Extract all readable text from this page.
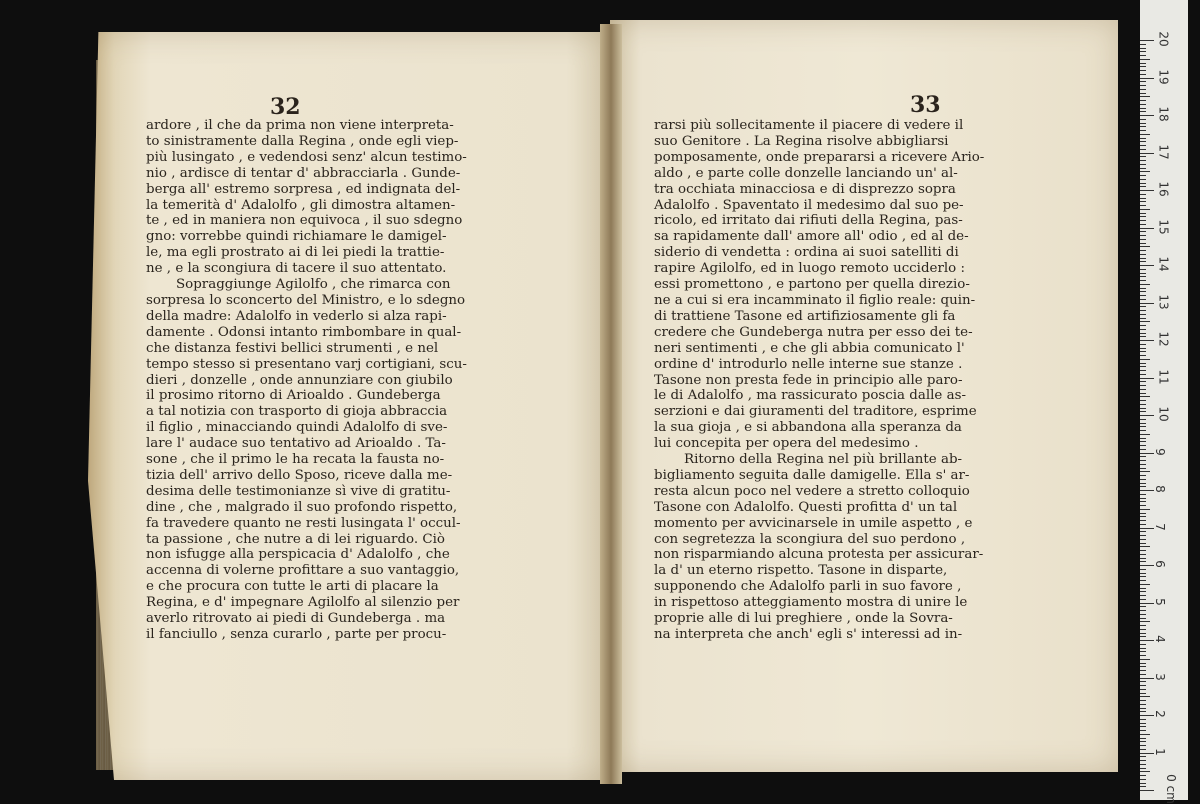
32	33
ardore , il che da prima non viene interpreta-
to sinistramente dalla Regina , onde egli viep-
più lusingato , e vedendosi senz' alcun testimo-
nio , ardisce di tentar d' abbracciarla . Gunde-
berga all' estremo sorpresa , ed indignata del-
la temerità d' Adalolfo , gli dimostra altamen-
te , ed in maniera non equivoca , il suo sdegno
gno: vorrebbe quindi richiamare le damigel-
le, ma egli prostrato ai di lei piedi la trattie-
ne , e la scongiura di tacere il suo attentato.
Sopraggiunge Agilolfo , che rimarca con
sorpresa lo sconcerto del Ministro, e lo sdegno
della madre: Adalolfo in vederlo si alza rapi-
damente . Odonsi intanto rimbombare in qual-
che distanza festivi bellici strumenti , e nel
tempo stesso si presentano varj cortigiani, scu-
dieri , donzelle , onde annunziare con giubilo
il prosimo ritorno di Arioaldo . Gundeberga
a tal notizia con trasporto di gioja abbraccia
il figlio , minacciando quindi Adalolfo di sve-
lare l' audace suo tentativo ad Arioaldo . Ta-
sone , che il primo le ha recata la fausta no-
tizia dell' arrivo dello Sposo, riceve dalla me-
desima delle testimonianze sì vive di gratitu-
dine , che , malgrado il suo profondo rispetto,
fa travedere quanto ne resti lusingata l' occul-
ta passione , che nutre a di lei riguardo. Ciò
non isfugge alla perspicacia d' Adalolfo , che
accenna di volerne profittare a suo vantaggio,
e che procura con tutte le arti di placare la
Regina, e d' impegnare Agilolfo al silenzio per
averlo ritrovato ai piedi di Gundeberga . ma
il fanciullo , senza curarlo , parte per procu-
rarsi più sollecitamente il piacere di vedere il
suo Genitore . La Regina risolve abbigliarsi
pomposamente, onde prepararsi a ricevere Ario-
aldo , e parte colle donzelle lanciando un' al-
tra occhiata minacciosa e di disprezzo sopra
Adalolfo . Spaventato il medesimo dal suo pe-
ricolo, ed irritato dai rifiuti della Regina, pas-
sa rapidamente dall' amore all' odio , ed al de-
siderio di vendetta : ordina ai suoi satelliti di
rapire Agilolfo, ed in luogo remoto ucciderlo :
essi promettono , e partono per quella direzio-
ne a cui si era incamminato il figlio reale: quin-
di trattiene Tasone ed artifiziosamente gli fa
credere che Gundeberga nutra per esso dei te-
neri sentimenti , e che gli abbia comunicato l'
ordine d' introdurlo nelle interne sue stanze .
Tasone non presta fede in principio alle paro-
le di Adalolfo , ma rassicurato poscia dalle as-
serzioni e dai giuramenti del traditore, esprime
la sua gioja , e si abbandona alla speranza da
lui concepita per opera del medesimo .
Ritorno della Regina nel più brillante ab-
bigliamento seguita dalle damigelle. Ella s' ar-
resta alcun poco nel vedere a stretto colloquio
Tasone con Adalolfo. Questi profitta d' un tal
momento per avvicinarsele in umile aspetto , e
con segretezza la scongiura del suo perdono ,
non risparmiando alcuna protesta per assicurar-
la d' un eterno rispetto. Tasone in disparte,
supponendo che Adalolfo parli in suo favore ,
in rispettoso atteggiamento mostra di unire le
proprie alle di lui preghiere , onde la Sovra-
na interpreta che anch' egli s' interessi ad in-
0 cm
1
2
3
4
5
6
7
8
9
10
11
12
13
14
15
16
17
18
19
20
